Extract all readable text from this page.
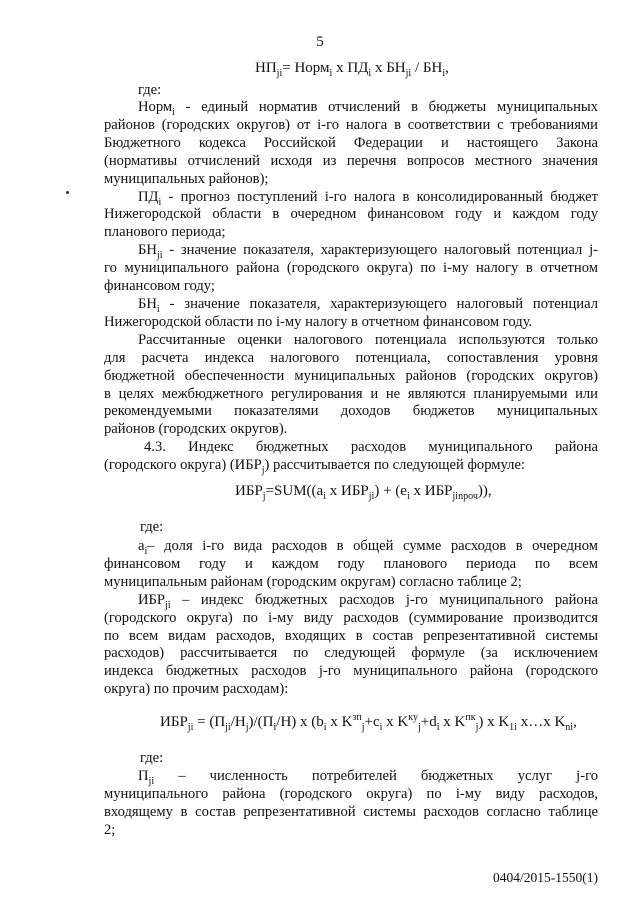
5
$НП_{ji}=$ Норм$_i$ x $ПД_i$ x $БН_{ji} / БН_i$,
где:
Норм$_i$ - единый норматив отчислений в бюджеты муниципальных
районов (городских округов) от i-го налога в соответствии с требованиями
Бюджетного кодекса Российской Федерации и настоящего Закона
(нормативы отчислений исходя из перечня вопросов местного значения
муниципальных районов);
$ПД_i$ - прогноз поступлений i-го налога в консолидированный бюджет
Нижегородской области в очередном финансовом году и каждом году
планового периода;
$БН_{ji}$ - значение показателя, характеризующего налоговый потенциал j-
го муниципального района (городского округа) по i-му налогу в отчетном
финансовом году;
$БН_i$ - значение показателя, характеризующего налоговый потенциал
Нижегородской области по i-му налогу в отчетном финансовом году.
Рассчитанные оценки налогового потенциала используются только
для расчета индекса налогового потенциала, сопоставления уровня
бюджетной обеспеченности муниципальных районов (городских округов)
в целях межбюджетного регулирования и не являются планируемыми или
рекомендуемыми показателями доходов бюджетов муниципальных
районов (городских округов).
4.3. Индекс бюджетных расходов муниципального района
(городского округа) $(ИБР_j)$ рассчитывается по следующей формуле:
$ИБР_j=SUM((a_i$ x $ИБР_{ji}) + (e_i$ x $ИБР_{jinроч}$)),
где:
$a_i-$ доля i-го вида расходов в общей сумме расходов в очередном
финансовом году и каждом году планового периода по всем
муниципальным районам (городским округам) согласно таблице 2;
$ИБР_{ji}$ – индекс бюджетных расходов j-го муниципального района
(городского округа) по i-му виду расходов (суммирование производится
по всем видам расходов, входящих в состав репрезентативной системы
расходов) рассчитывается по следующей формуле (за исключением
индекса бюджетных расходов j-го муниципального района (городского
округа) по прочим расходам):
$ИБР_{ji} = (П_{ji}/Н_j)/(П_i/Н)$ x ($b_i$ x $K^{зп}_j+c_i$ x $K^{ку}_j+d_i$ x $K^{пк}_j$) x $K_{1i}$ x…x $K_{ni}$,
где:
$П_{ji}$ – численность потребителей бюджетных услуг j-го
муниципального района (городского округа) по i-му виду расходов,
входящему в состав репрезентативной системы расходов согласно таблице
2;
0404/2015-1550(1)
